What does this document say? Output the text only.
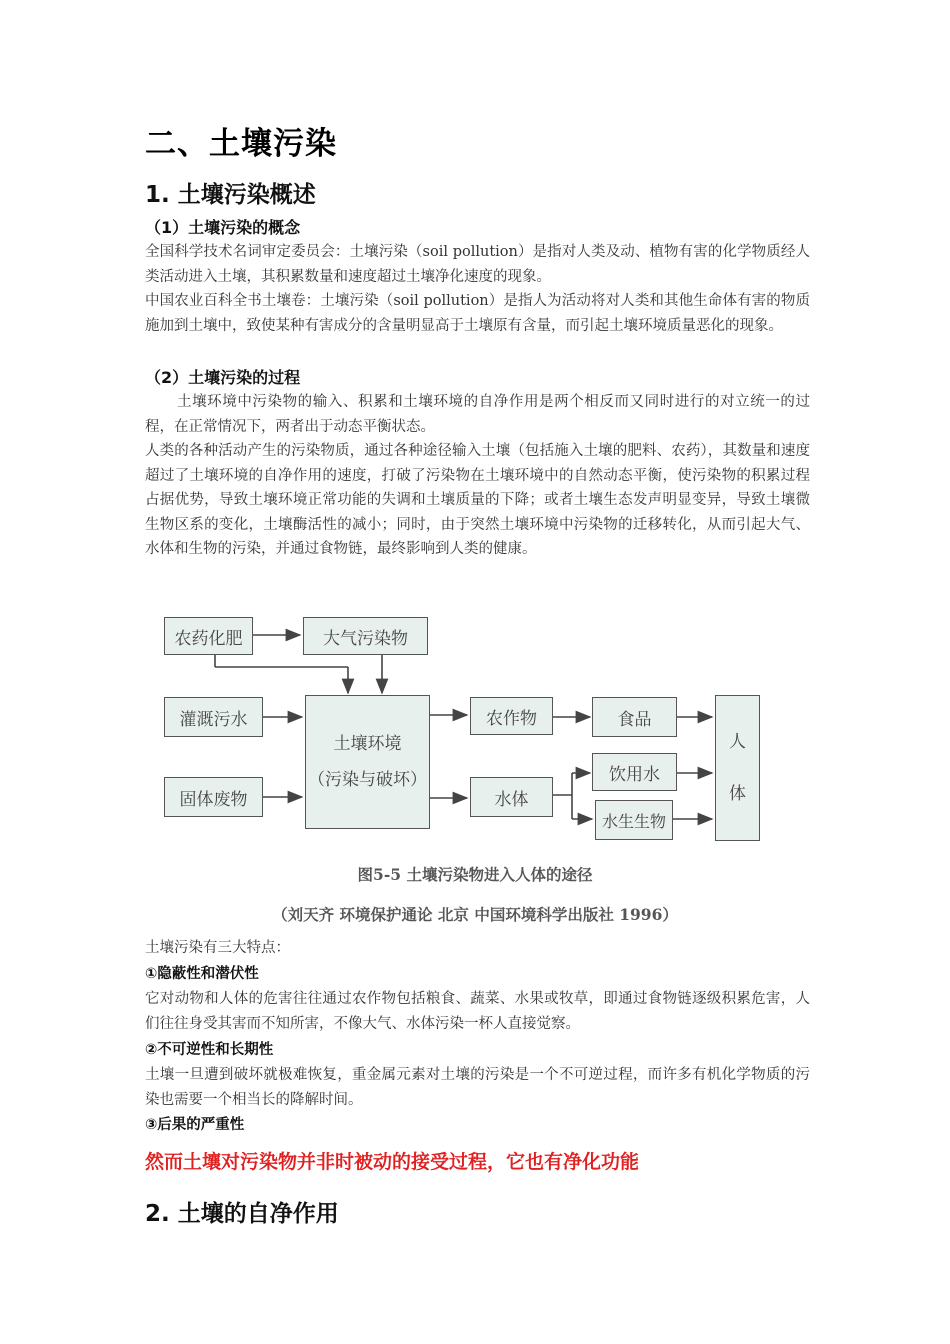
二、土壤污染
1. 土壤污染概述
（1）土壤污染的概念
全国科学技术名词审定委员会：土壤污染（soil pollution）是指对人类及动、植物有害的化学物质经人类活动进入土壤，其积累数量和速度超过土壤净化速度的现象。
中国农业百科全书土壤卷：土壤污染（soil pollution）是指人为活动将对人类和其他生命体有害的物质施加到土壤中，致使某种有害成分的含量明显高于土壤原有含量，而引起土壤环境质量恶化的现象。
（2）土壤污染的过程
土壤环境中污染物的输入、积累和土壤环境的自净作用是两个相反而又同时进行的对立统一的过程，在正常情况下，两者出于动态平衡状态。
人类的各种活动产生的污染物质，通过各种途径输入土壤（包括施入土壤的肥料、农药），其数量和速度超过了土壤环境的自净作用的速度，打破了污染物在土壤环境中的自然动态平衡，使污染物的积累过程占据优势，导致土壤环境正常功能的失调和土壤质量的下降；或者土壤生态发声明显变异，导致土壤微生物区系的变化，土壤酶活性的减小；同时，由于突然土壤环境中污染物的迁移转化，从而引起大气、水体和生物的污染，并通过食物链，最终影响到人类的健康。
农药化肥	大气污染物
灌溉污水
固体废物
土壤环境
（污染与破坏）
农作物
水体
食品
饮用水
水生生物
人
体
图5-5 土壤污染物进入人体的途径
（刘天齐 环境保护通论 北京 中国环境科学出版社 1996）
土壤污染有三大特点：
①隐蔽性和潜伏性
它对动物和人体的危害往往通过农作物包括粮食、蔬菜、水果或牧草，即通过食物链逐级积累危害，人们往往身受其害而不知所害，不像大气、水体污染一杯人直接觉察。
②不可逆性和长期性
土壤一旦遭到破坏就极难恢复，重金属元素对土壤的污染是一个不可逆过程，而许多有机化学物质的污染也需要一个相当长的降解时间。
③后果的严重性
然而土壤对污染物并非时被动的接受过程，它也有净化功能
2. 土壤的自净作用
